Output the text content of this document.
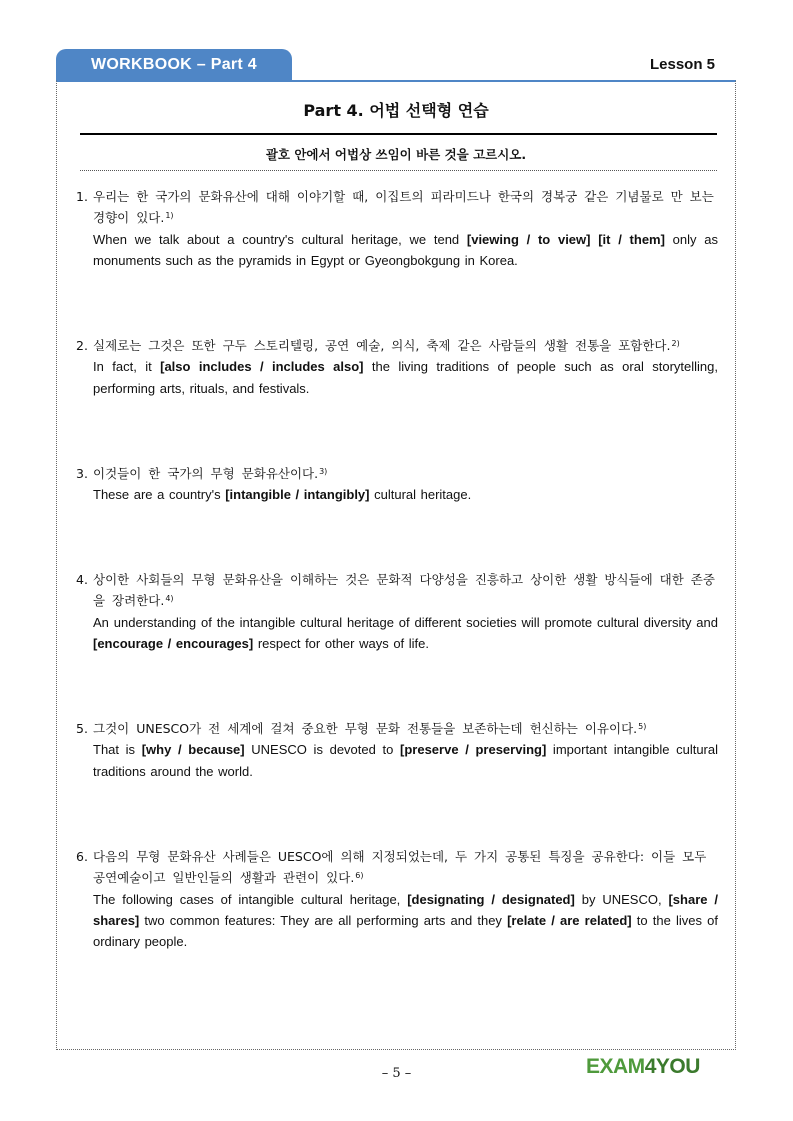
WORKBOOK – Part 4	Lesson 5
Part 4. 어법 선택형 연습
괄호 안에서 어법상 쓰임이 바른 것을 고르시오.
1. 우리는 한 국가의 문화유산에 대해 이야기할 때, 이집트의 피라미드나 한국의 경복궁 같은 기념물로 만 보는 경향이 있다.$^{1)}$
When we talk about a country's cultural heritage, we tend [viewing / to view] [it / them] only as monuments such as the pyramids in Egypt or Gyeongbokgung in Korea.
2. 실제로는 그것은 또한 구두 스토리텔링, 공연 예술, 의식, 축제 같은 사람들의 생활 전통을 포함한다.$^{2)}$
In fact, it [also includes / includes also] the living traditions of people such as oral storytelling, performing arts, rituals, and festivals.
3. 이것들이 한 국가의 무형 문화유산이다.$^{3)}$
These are a country's [intangible / intangibly] cultural heritage.
4. 상이한 사회들의 무형 문화유산을 이해하는 것은 문화적 다양성을 진흥하고 상이한 생활 방식들에 대한 존중을 장려한다.$^{4)}$
An understanding of the intangible cultural heritage of different societies will promote cultural diversity and [encourage / encourages] respect for other ways of life.
5. 그것이 UNESCO가 전 세계에 걸쳐 중요한 무형 문화 전통들을 보존하는데 헌신하는 이유이다.$^{5)}$
That is [why / because] UNESCO is devoted to [preserve / preserving] important intangible cultural traditions around the world.
6. 다음의 무형 문화유산 사례들은 UESCO에 의해 지정되었는데, 두 가지 공통된 특징을 공유한다: 이들 모두 공연예술이고 일반인들의 생활과 관련이 있다.$^{6)}$
The following cases of intangible cultural heritage, [designating / designated] by UNESCO, [share / shares] two common features: They are all performing arts and they [relate / are related] to the lives of ordinary people.
– 5 –	EXAM4YOU
